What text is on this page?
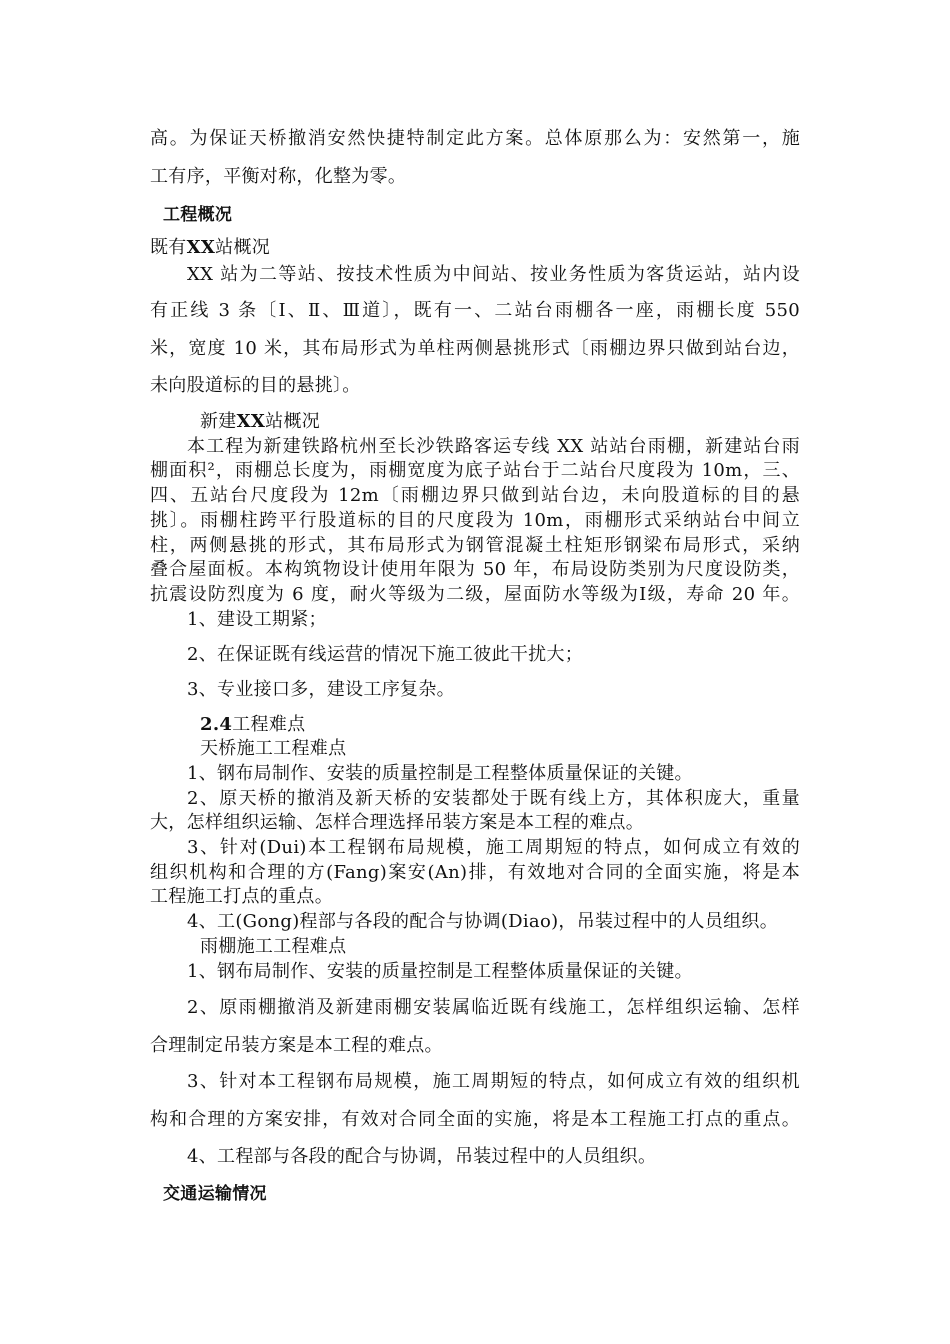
高。为保证天桥撤消安然快捷特制定此方案。总体原那么为：安然第一，施
工有序，平衡对称，化整为零。
工程概况
既有XX站概况
XX 站为二等站、按技术性质为中间站、按业务性质为客货运站，站内设
有正线 3 条〔Ⅰ、Ⅱ、Ⅲ道〕，既有一、二站台雨棚各一座，雨棚长度 550
米，宽度 10 米，其布局形式为单柱两侧悬挑形式〔雨棚边界只做到站台边，
未向股道标的目的悬挑〕。
新建XX站概况
本工程为新建铁路杭州至长沙铁路客运专线 XX 站站台雨棚，新建站台雨
棚面积²，雨棚总长度为，雨棚宽度为底子站台于二站台尺度段为 10m，三、
四、五站台尺度段为 12m〔雨棚边界只做到站台边，未向股道标的目的悬
挑〕。雨棚柱跨平行股道标的目的尺度段为 10m，雨棚形式采纳站台中间立
柱，两侧悬挑的形式，其布局形式为钢管混凝土柱矩形钢梁布局形式，采纳
叠合屋面板。本构筑物设计使用年限为 50 年，布局设防类别为尺度设防类，
抗震设防烈度为 6 度，耐火等级为二级，屋面防水等级为Ⅰ级，寿命 20 年。
1、建设工期紧；
2、在保证既有线运营的情况下施工彼此干扰大；
3、专业接口多，建设工序复杂。
2.4工程难点
天桥施工工程难点
1、钢布局制作、安装的质量控制是工程整体质量保证的关键。
2、原天桥的撤消及新天桥的安装都处于既有线上方，其体积庞大，重量
大，怎样组织运输、怎样合理选择吊装方案是本工程的难点。
3、针对(Dui)本工程钢布局规模，施工周期短的特点，如何成立有效的
组织机构和合理的方(Fang)案安(An)排，有效地对合同的全面实施，将是本
工程施工打点的重点。
4、工(Gong)程部与各段的配合与协调(Diao)，吊装过程中的人员组织。
雨棚施工工程难点
1、钢布局制作、安装的质量控制是工程整体质量保证的关键。
2、原雨棚撤消及新建雨棚安装属临近既有线施工，怎样组织运输、怎样
合理制定吊装方案是本工程的难点。
3、针对本工程钢布局规模，施工周期短的特点，如何成立有效的组织机
构和合理的方案安排，有效对合同全面的实施，将是本工程施工打点的重点。
4、工程部与各段的配合与协调，吊装过程中的人员组织。
交通运输情况
